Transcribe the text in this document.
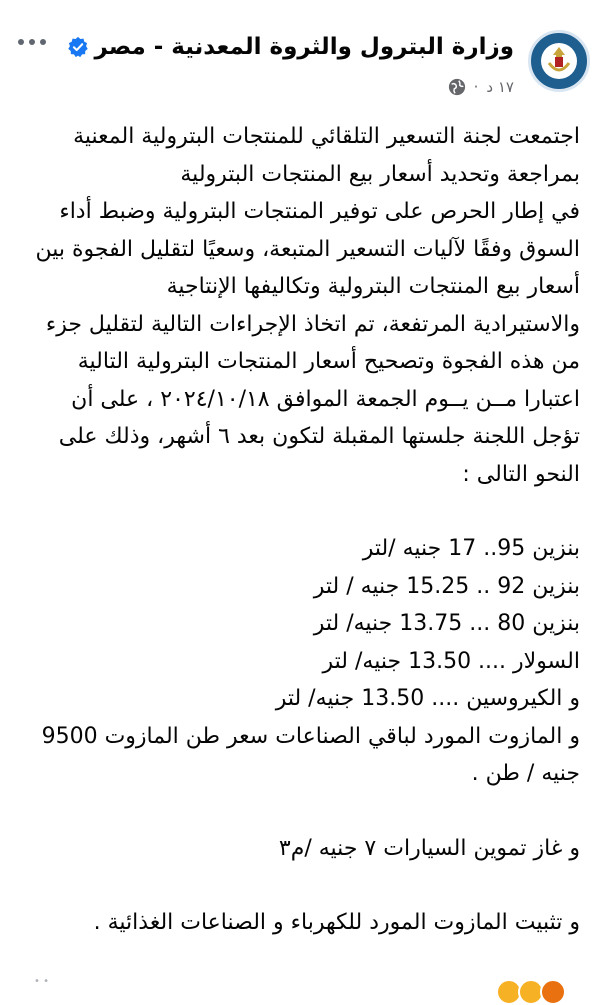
وزارة البترول والثروة المعدنية - مصر
١٧ د
·

اجتمعت لجنة التسعير التلقائي للمنتجات البترولية المعنية

بمراجعة وتحديد أسعار بيع المنتجات البترولية

في إطار الحرص على توفير المنتجات البترولية وضبط أداء

السوق وفقًا لآليات التسعير المتبعة، وسعيًا لتقليل الفجوة بين

أسعار بيع المنتجات البترولية وتكاليفها الإنتاجية

والاستيرادية المرتفعة، تم اتخاذ الإجراءات التالية لتقليل جزء

من هذه الفجوة وتصحيح أسعار المنتجات البترولية التالية

اعتبارا مــن يــوم الجمعة الموافق ٢٠٢٤/١٠/١٨ ، على أن

تؤجل اللجنة جلستها المقبلة لتكون بعد ٦ أشهر، وذلك على

النحو التالى :

بنزين 95.. 17 جنيه /لتر

بنزين 92 .. 15.25 جنيه / لتر

بنزين 80 ... 13.75 جنيه/ لتر

السولار .... 13.50 جنيه/ لتر

و الكيروسين .... 13.50 جنيه/ لتر

و المازوت المورد لباقي الصناعات سعر طن المازوت 9500

جنيه / طن .

و غاز تموين السيارات ٧ جنيه /م٣

و تثبيت المازوت المورد للكهرباء و الصناعات الغذائية .

• •
